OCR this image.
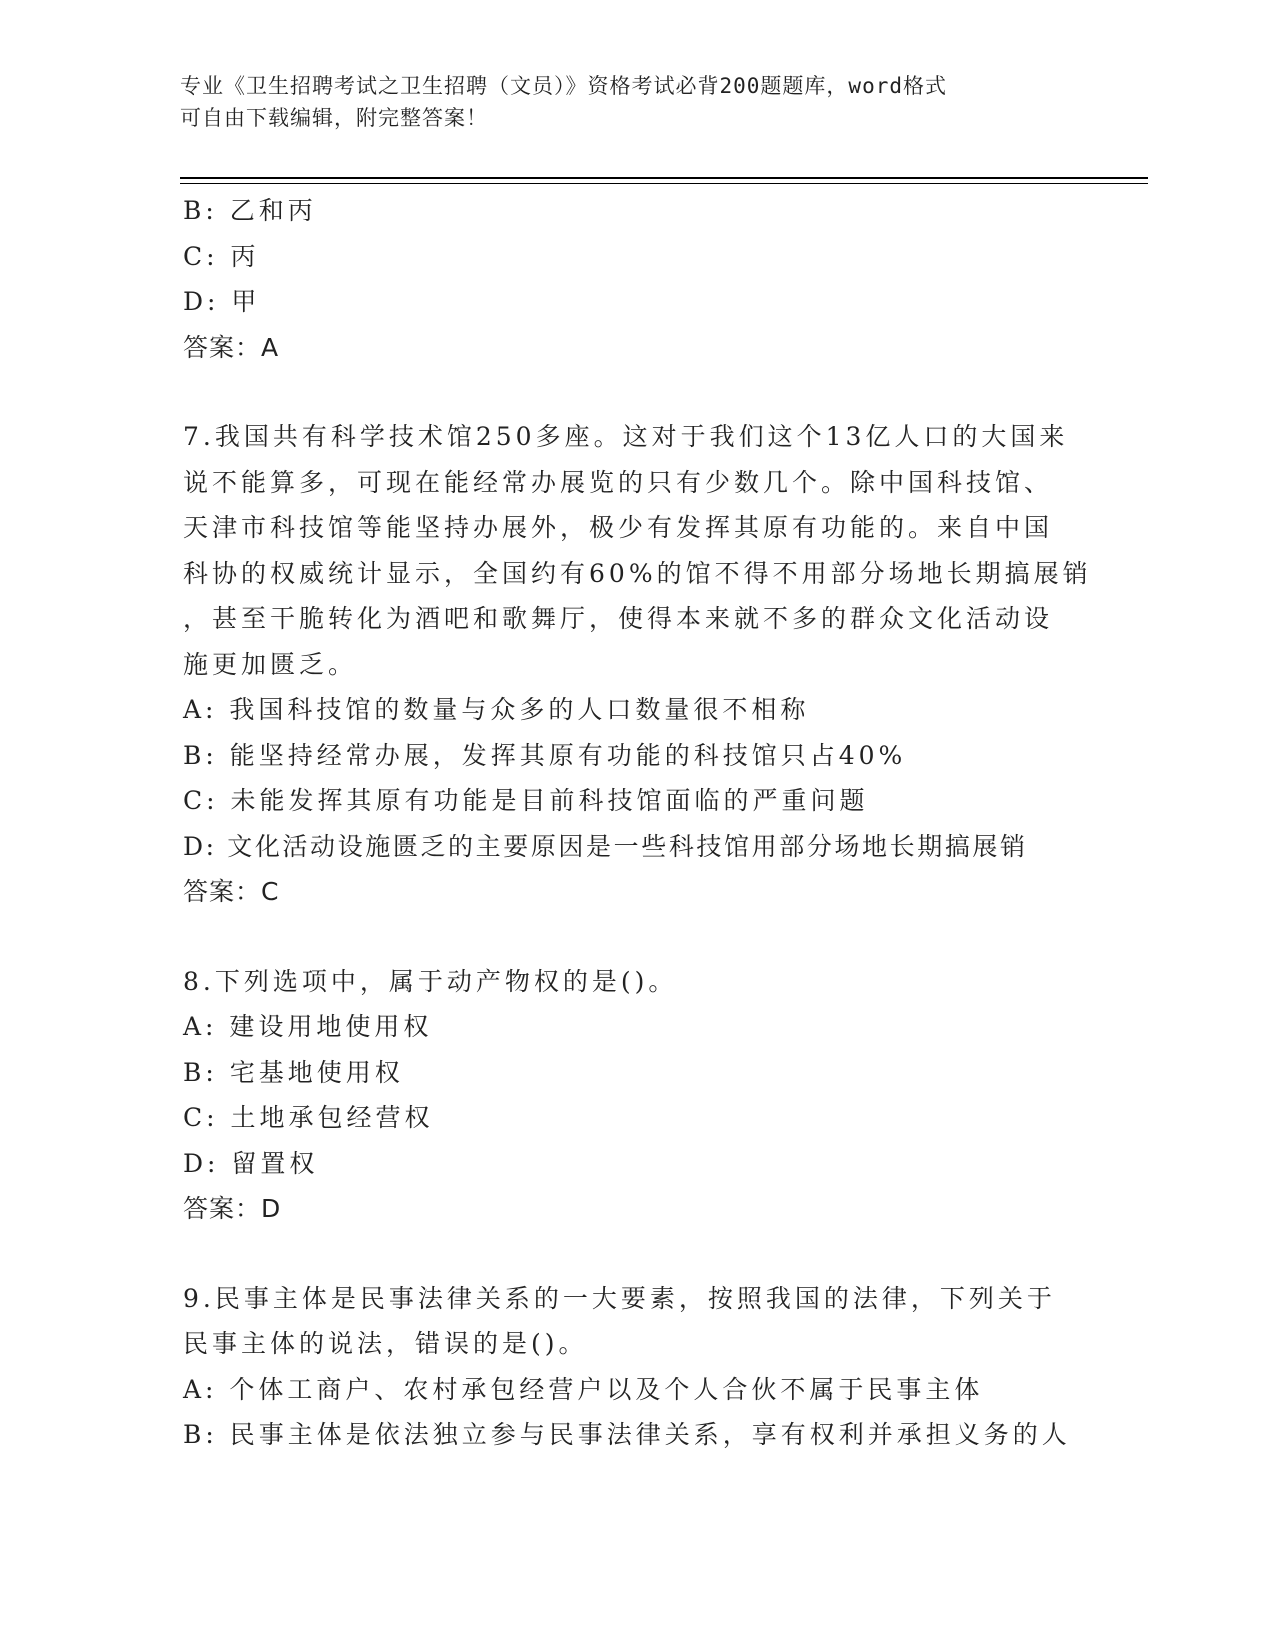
专业《卫生招聘考试之卫生招聘（文员）》资格考试必背200题题库，word格式
可自由下载编辑，附完整答案！
B: 乙和丙
C: 丙
D: 甲
答案：A
7.我国共有科学技术馆250多座。这对于我们这个13亿人口的大国来
说不能算多，可现在能经常办展览的只有少数几个。除中国科技馆、
天津市科技馆等能坚持办展外，极少有发挥其原有功能的。来自中国
科协的权威统计显示，全国约有60%的馆不得不用部分场地长期搞展销
，甚至干脆转化为酒吧和歌舞厅，使得本来就不多的群众文化活动设
施更加匮乏。
A: 我国科技馆的数量与众多的人口数量很不相称
B: 能坚持经常办展，发挥其原有功能的科技馆只占40%
C: 未能发挥其原有功能是目前科技馆面临的严重问题
D: 文化活动设施匮乏的主要原因是一些科技馆用部分场地长期搞展销
答案：C
8.下列选项中，属于动产物权的是()。
A: 建设用地使用权
B: 宅基地使用权
C: 土地承包经营权
D: 留置权
答案：D
9.民事主体是民事法律关系的一大要素，按照我国的法律，下列关于
民事主体的说法，错误的是()。
A: 个体工商户、农村承包经营户以及个人合伙不属于民事主体
B: 民事主体是依法独立参与民事法律关系，享有权利并承担义务的人
